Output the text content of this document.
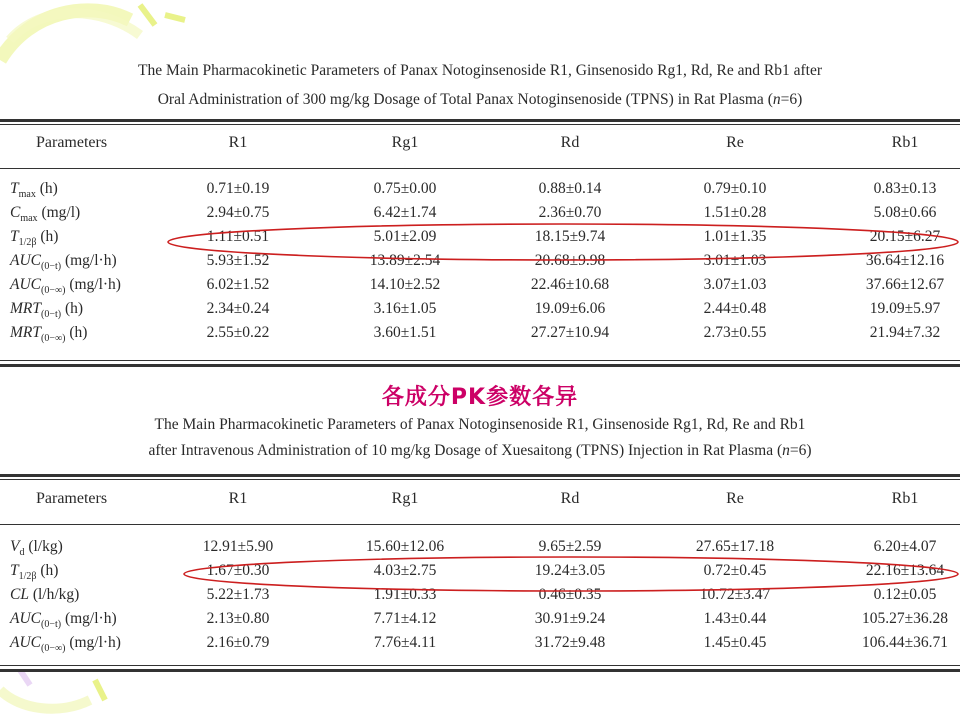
The Main Pharmacokinetic Parameters of Panax Notoginsenoside R1, Ginsenosido Rg1, Rd, Re and Rb1 after
Oral Administration of 300 mg/kg Dosage of Total Panax Notoginsenoside (TPNS) in Rat Plasma (n=6)
Parameters	R1	Rg1	Rd	Re	Rb1
$T_{max}$ (h)	0.71±0.19	0.75±0.00	0.88±0.14	0.79±0.10	0.83±0.13
$C_{max}$ (mg/l)	2.94±0.75	6.42±1.74	2.36±0.70	1.51±0.28	5.08±0.66
$T_{1/2\beta}$ (h)	1.11±0.51	5.01±2.09	18.15±9.74	1.01±1.35	20.15±6.27
$AUC_{(0-t)}$ (mg/l·h)	5.93±1.52	13.89±2.54	20.68±9.98	3.01±1.03	36.64±12.16
$AUC_{(0-\infty)}$ (mg/l·h)	6.02±1.52	14.10±2.52	22.46±10.68	3.07±1.03	37.66±12.67
$MRT_{(0-t)}$ (h)	2.34±0.24	3.16±1.05	19.09±6.06	2.44±0.48	19.09±5.97
$MRT_{(0-\infty)}$ (h)	2.55±0.22	3.60±1.51	27.27±10.94	2.73±0.55	21.94±7.32
各成分PK参数各异
The Main Pharmacokinetic Parameters of Panax Notoginsenoside R1, Ginsenoside Rg1, Rd, Re and Rb1
after Intravenous Administration of 10 mg/kg Dosage of Xuesaitong (TPNS) Injection in Rat Plasma (n=6)
Parameters	R1	Rg1	Rd	Re	Rb1
$V_d$ (l/kg)	12.91±5.90	15.60±12.06	9.65±2.59	27.65±17.18	6.20±4.07
$T_{1/2\beta}$ (h)	1.67±0.30	4.03±2.75	19.24±3.05	0.72±0.45	22.16±13.64
CL (l/h/kg)	5.22±1.73	1.91±0.33	0.46±0.35	10.72±3.47	0.12±0.05
$AUC_{(0-t)}$ (mg/l·h)	2.13±0.80	7.71±4.12	30.91±9.24	1.43±0.44	105.27±36.28
$AUC_{(0-\infty)}$ (mg/l·h)	2.16±0.79	7.76±4.11	31.72±9.48	1.45±0.45	106.44±36.71
